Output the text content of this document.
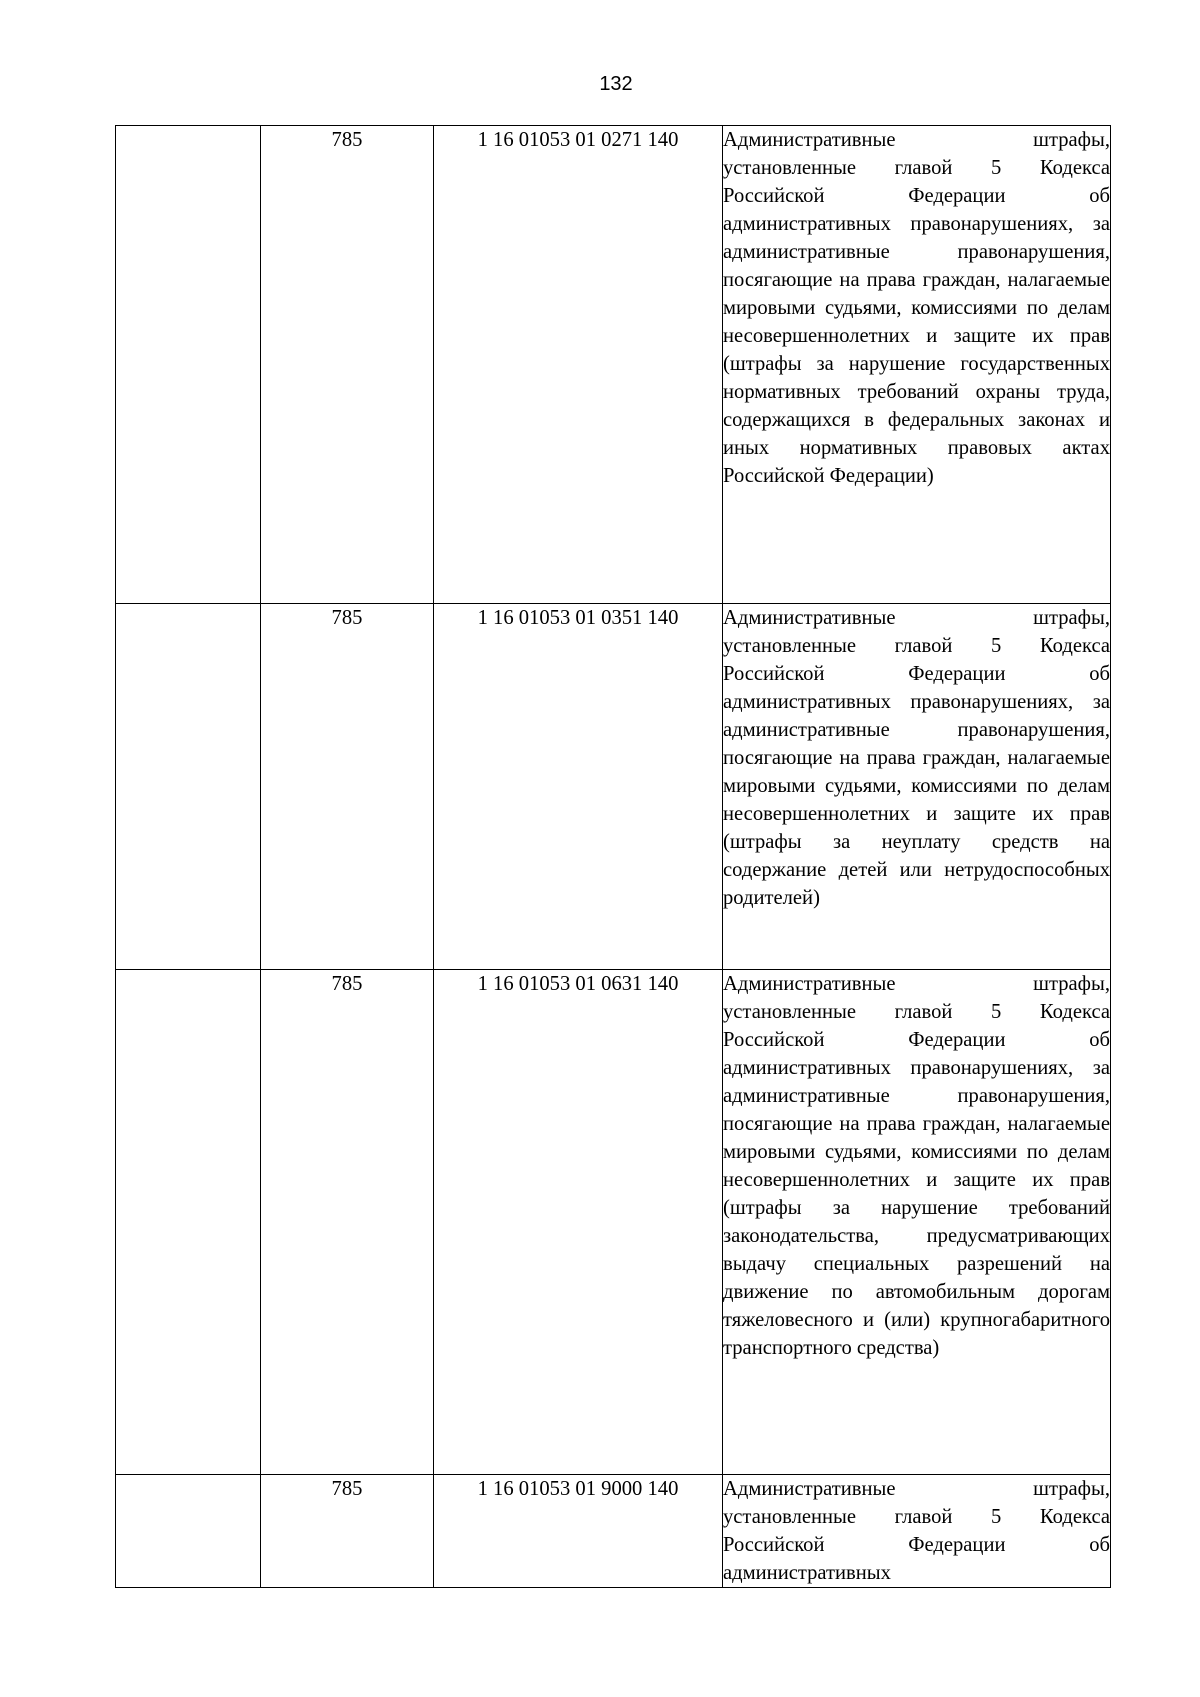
132
	785	1 16 01053 01 0271 140	Административные штрафы, установленные главой 5 Кодекса Российской Федерации об административных правонарушениях, за административные правонарушения, посягающие на права граждан, налагаемые мировыми судьями, комиссиями по делам несовершеннолетних и защите их прав (штрафы за нарушение государственных нормативных требований охраны труда, содержащихся в федеральных законах и иных нормативных правовых актах Российской Федерации)

	785	1 16 01053 01 0351 140	Административные штрафы, установленные главой 5 Кодекса Российской Федерации об административных правонарушениях, за административные правонарушения, посягающие на права граждан, налагаемые мировыми судьями, комиссиями по делам несовершеннолетних и защите их прав (штрафы за неуплату средств на содержание детей или нетрудоспособных родителей)

	785	1 16 01053 01 0631 140	Административные штрафы, установленные главой 5 Кодекса Российской Федерации об административных правонарушениях, за административные правонарушения, посягающие на права граждан, налагаемые мировыми судьями, комиссиями по делам несовершеннолетних и защите их прав (штрафы за нарушение требований законодательства, предусматривающих выдачу специальных разрешений на движение по автомобильным дорогам тяжеловесного и (или) крупногабаритного транспортного средства)

	785	1 16 01053 01 9000 140	Административные штрафы, установленные главой 5 Кодекса Российской Федерации об административных
